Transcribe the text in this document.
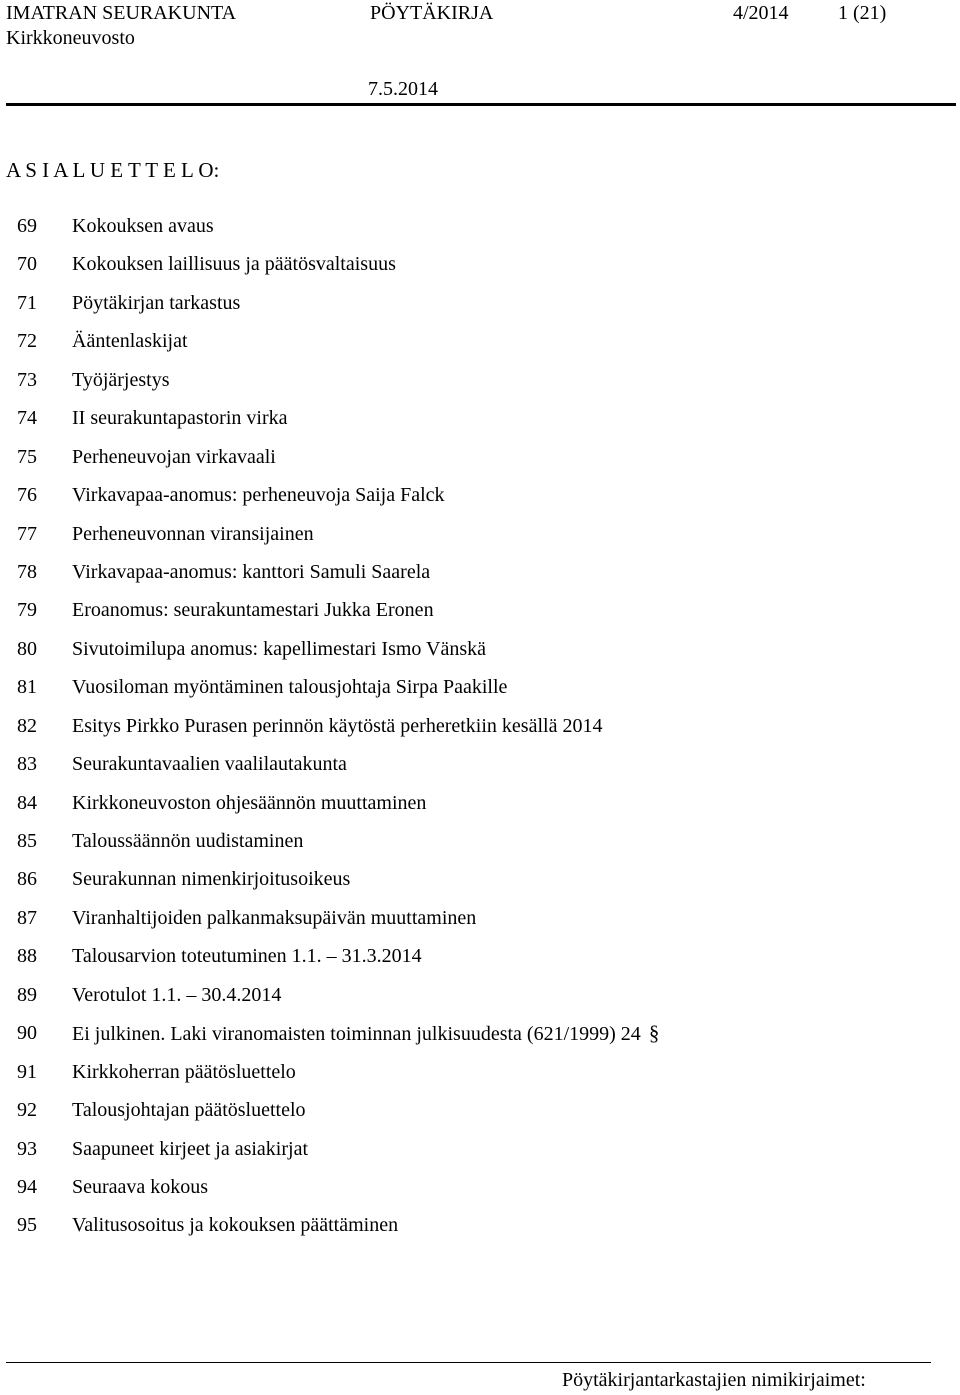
IMATRAN SEURAKUNTA	PÖYTÄKIRJA	4/2014 1 (21)
Kirkkoneuvosto
7.5.2014
A S I A L U E T T E L O:
69 Kokouksen avaus
70 Kokouksen laillisuus ja päätösvaltaisuus
71 Pöytäkirjan tarkastus
72 Ääntenlaskijat
73 Työjärjestys
74 II seurakuntapastorin virka
75 Perheneuvojan virkavaali
76 Virkavapaa-anomus: perheneuvoja Saija Falck
77 Perheneuvonnan viransijainen
78 Virkavapaa-anomus: kanttori Samuli Saarela
79 Eroanomus: seurakuntamestari Jukka Eronen
80 Sivutoimilupa anomus: kapellimestari Ismo Vänskä
81 Vuosiloman myöntäminen talousjohtaja Sirpa Paakille
82 Esitys Pirkko Purasen perinnön käytöstä perheretkiin kesällä 2014
83 Seurakuntavaalien vaalilautakunta
84 Kirkkoneuvoston ohjesäännön muuttaminen
85 Taloussäännön uudistaminen
86 Seurakunnan nimenkirjoitusoikeus
87 Viranhaltijoiden palkanmaksupäivän muuttaminen
88 Talousarvion toteutuminen 1.1. – 31.3.2014
89 Verotulot 1.1. – 30.4.2014
90 Ei julkinen. Laki viranomaisten toiminnan julkisuudesta (621/1999) 24 §
91 Kirkkoherran päätösluettelo
92 Talousjohtajan päätösluettelo
93 Saapuneet kirjeet ja asiakirjat
94 Seuraava kokous
95 Valitusosoitus ja kokouksen päättäminen
Pöytäkirjantarkastajien nimikirjaimet:
